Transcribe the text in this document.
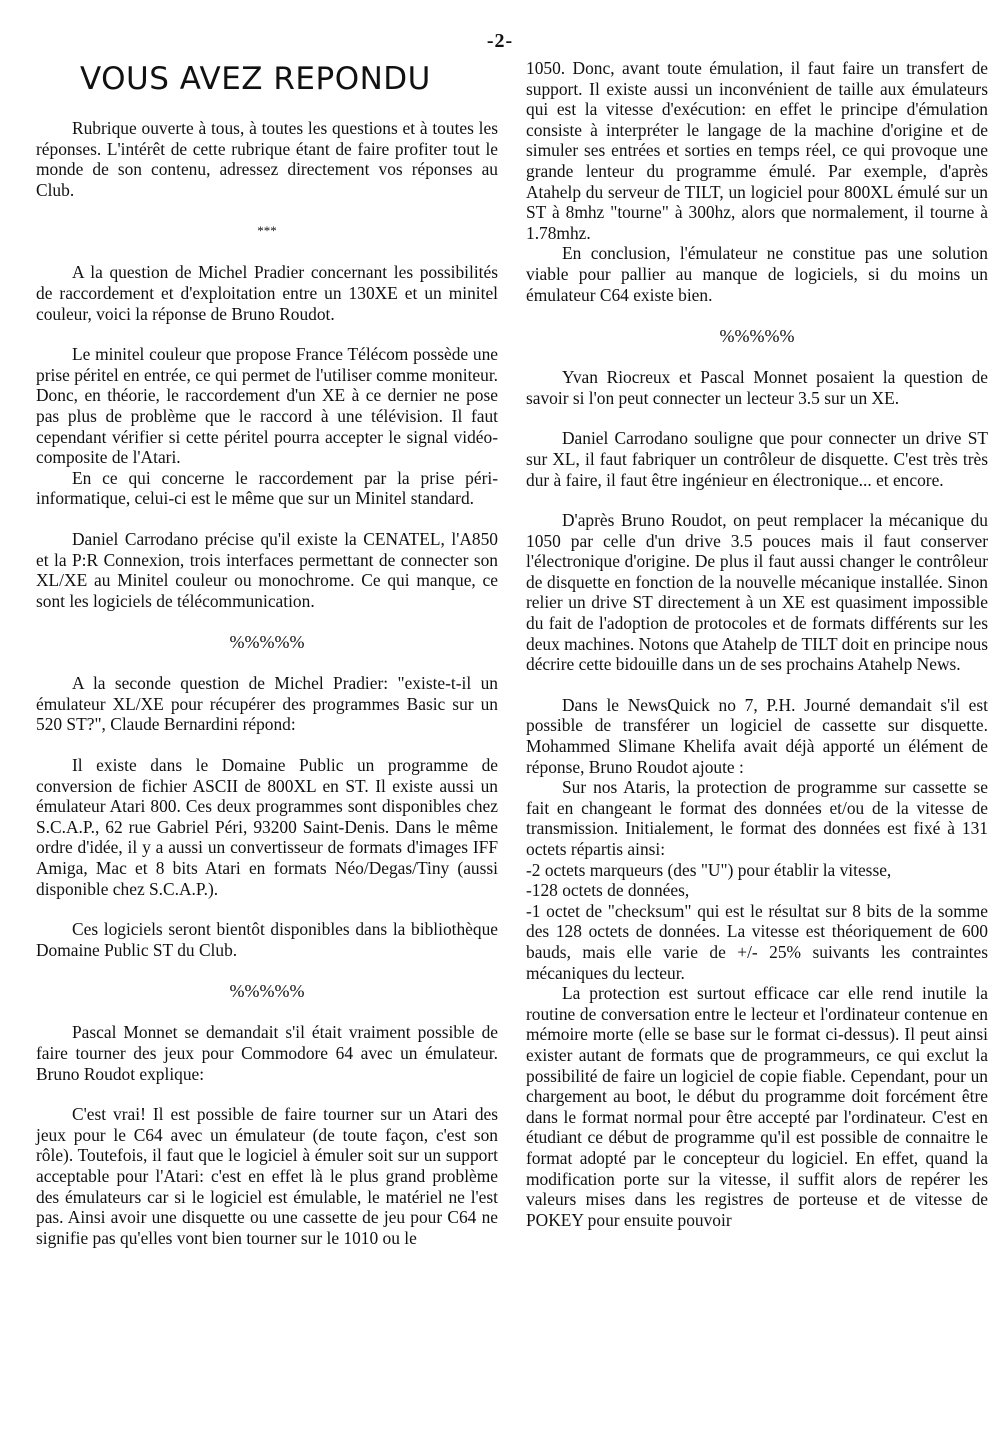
-2-
VOUS AVEZ REPONDU

Rubrique ouverte à tous, à toutes les questions et à toutes les réponses. L'intérêt de cette rubrique étant de faire profiter tout le monde de son contenu, adressez directement vos réponses au Club.

***

A la question de Michel Pradier concernant les possibilités de raccordement et d'exploitation entre un 130XE et un minitel couleur, voici la réponse de Bruno Roudot.

Le minitel couleur que propose France Télécom possède une prise péritel en entrée, ce qui permet de l'utiliser comme moniteur. Donc, en théorie, le raccordement d'un XE à ce dernier ne pose pas plus de problème que le raccord à une télévision. Il faut cependant vérifier si cette péritel pourra accepter le signal vidéo-composite de l'Atari.

En ce qui concerne le raccordement par la prise péri-informatique, celui-ci est le même que sur un Minitel standard.

Daniel Carrodano précise qu'il existe la CENATEL, l'A850 et la P:R Connexion, trois interfaces permettant de connecter son XL/XE au Minitel couleur ou monochrome. Ce qui manque, ce sont les logiciels de télécommunication.

%%%%%

A la seconde question de Michel Pradier: "existe-t-il un émulateur XL/XE pour récupérer des programmes Basic sur un 520 ST?", Claude Bernardini répond:

Il existe dans le Domaine Public un programme de conversion de fichier ASCII de 800XL en ST. Il existe aussi un émulateur Atari 800. Ces deux programmes sont disponibles chez S.C.A.P., 62 rue Gabriel Péri, 93200 Saint-Denis. Dans le même ordre d'idée, il y a aussi un convertisseur de formats d'images IFF Amiga, Mac et 8 bits Atari en formats Néo/Degas/Tiny (aussi disponible chez S.C.A.P.).

Ces logiciels seront bientôt disponibles dans la bibliothèque Domaine Public ST du Club.

%%%%%

Pascal Monnet se demandait s'il était vraiment possible de faire tourner des jeux pour Commodore 64 avec un émulateur. Bruno Roudot explique:

C'est vrai! Il est possible de faire tourner sur un Atari des jeux pour le C64 avec un émulateur (de toute façon, c'est son rôle). Toutefois, il faut que le logiciel à émuler soit sur un support acceptable pour l'Atari: c'est en effet là le plus grand problème des émulateurs car si le logiciel est émulable, le matériel ne l'est pas. Ainsi avoir une disquette ou une cassette de jeu pour C64 ne signifie pas qu'elles vont bien tourner sur le 1010 ou le

1050. Donc, avant toute émulation, il faut faire un transfert de support. Il existe aussi un inconvénient de taille aux émulateurs qui est la vitesse d'exécution: en effet le principe d'émulation consiste à interpréter le langage de la machine d'origine et de simuler ses entrées et sorties en temps réel, ce qui provoque une grande lenteur du programme émulé. Par exemple, d'après Atahelp du serveur de TILT, un logiciel pour 800XL émulé sur un ST à 8mhz "tourne" à 300hz, alors que normalement, il tourne à 1.78mhz.

En conclusion, l'émulateur ne constitue pas une solution viable pour pallier au manque de logiciels, si du moins un émulateur C64 existe bien.

%%%%%

Yvan Riocreux et Pascal Monnet posaient la question de savoir si l'on peut connecter un lecteur 3.5 sur un XE.

Daniel Carrodano souligne que pour connecter un drive ST sur XL, il faut fabriquer un contrôleur de disquette. C'est très très dur à faire, il faut être ingénieur en électronique... et encore.

D'après Bruno Roudot, on peut remplacer la mécanique du 1050 par celle d'un drive 3.5 pouces mais il faut conserver l'électronique d'origine. De plus il faut aussi changer le contrôleur de disquette en fonction de la nouvelle mécanique installée. Sinon relier un drive ST directement à un XE est quasiment impossible du fait de l'adoption de protocoles et de formats différents sur les deux machines. Notons que Atahelp de TILT doit en principe nous décrire cette bidouille dans un de ses prochains Atahelp News.

Dans le NewsQuick no 7, P.H. Journé demandait s'il est possible de transférer un logiciel de cassette sur disquette. Mohammed Slimane Khelifa avait déjà apporté un élément de réponse, Bruno Roudot ajoute :

Sur nos Ataris, la protection de programme sur cassette se fait en changeant le format des données et/ou de la vitesse de transmission. Initialement, le format des données est fixé à 131 octets répartis ainsi:

-2 octets marqueurs (des "U") pour établir la vitesse,

-128 octets de données,

-1 octet de "checksum" qui est le résultat sur 8 bits de la somme des 128 octets de données. La vitesse est théoriquement de 600 bauds, mais elle varie de +/- 25% suivants les contraintes mécaniques du lecteur.

La protection est surtout efficace car elle rend inutile la routine de conversation entre le lecteur et l'ordinateur contenue en mémoire morte (elle se base sur le format ci-dessus). Il peut ainsi exister autant de formats que de programmeurs, ce qui exclut la possibilité de faire un logiciel de copie fiable. Cependant, pour un chargement au boot, le début du programme doit forcément être dans le format normal pour être accepté par l'ordinateur. C'est en étudiant ce début de programme qu'il est possible de connaitre le format adopté par le concepteur du logiciel. En effet, quand la modification porte sur la vitesse, il suffit alors de repérer les valeurs mises dans les registres de porteuse et de vitesse de POKEY pour ensuite pouvoir
